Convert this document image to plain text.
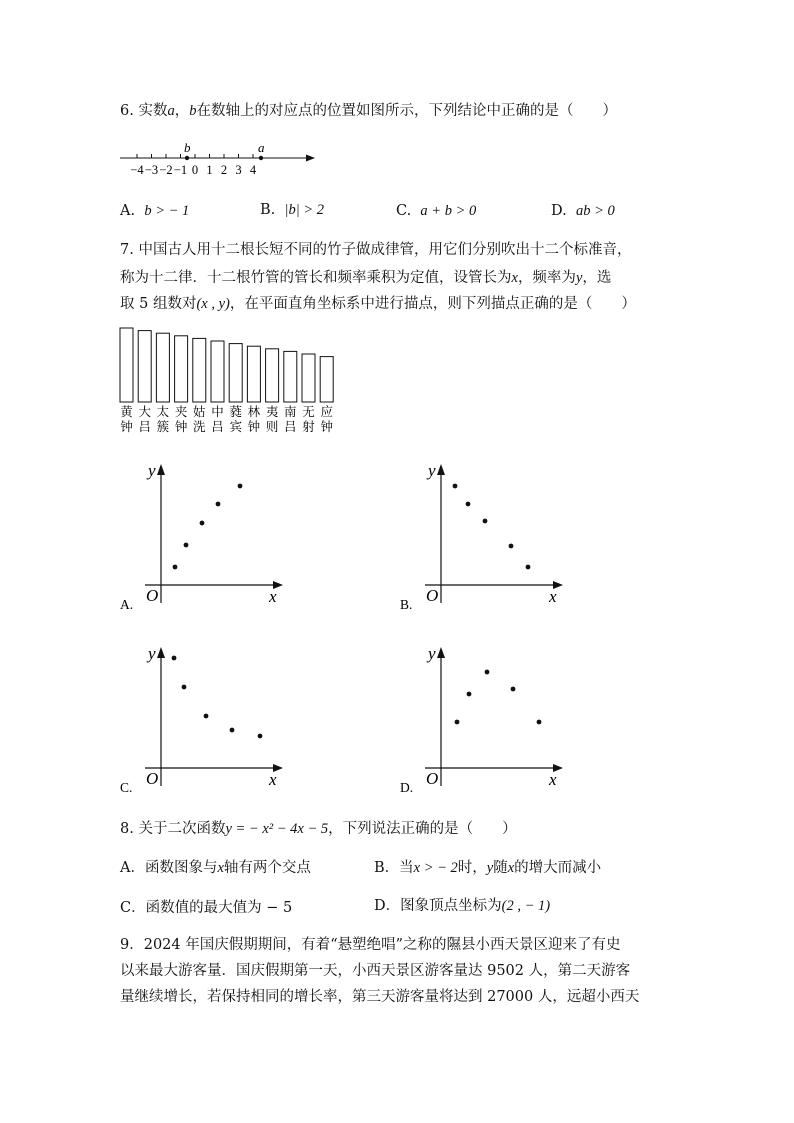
6. 实数a，b在数轴上的对应点的位置如图所示，下列结论中正确的是（　　）
−4 −3 −2 −1 0 1 2 3 4
b	a
A. b > − 1	B. |b| > 2	C. a + b > 0	D. ab > 0
7. 中国古人用十二根长短不同的竹子做成律管，用它们分别吹出十二个标准音，
称为十二律．十二根竹管的管长和频率乘积为定值，设管长为x，频率为y，选
取 5 组数对(x , y)，在平面直角坐标系中进行描点，则下列描点正确的是（　　）
黄
钟
大
吕
太
簇
夹
钟
姑
洗
中
吕
蕤
宾
林
钟
夷
则
南
吕
无
射
应
钟
y
x
O
A.
y
x
O
B.
y
x
O
C.
y
x
O
D.
8. 关于二次函数y = − x² − 4x − 5，下列说法正确的是（　　）
A．函数图象与x轴有两个交点	B．当x > − 2时，y随x的增大而减小
C．函数值的最大值为 − 5	D．图象顶点坐标为(2 , − 1)
9．2024 年国庆假期期间，有着“悬塑绝唱”之称的隰县小西天景区迎来了有史
以来最大游客量．国庆假期第一天，小西天景区游客量达 9502 人，第二天游客
量继续增长，若保持相同的增长率，第三天游客量将达到 27000 人，远超小西天
